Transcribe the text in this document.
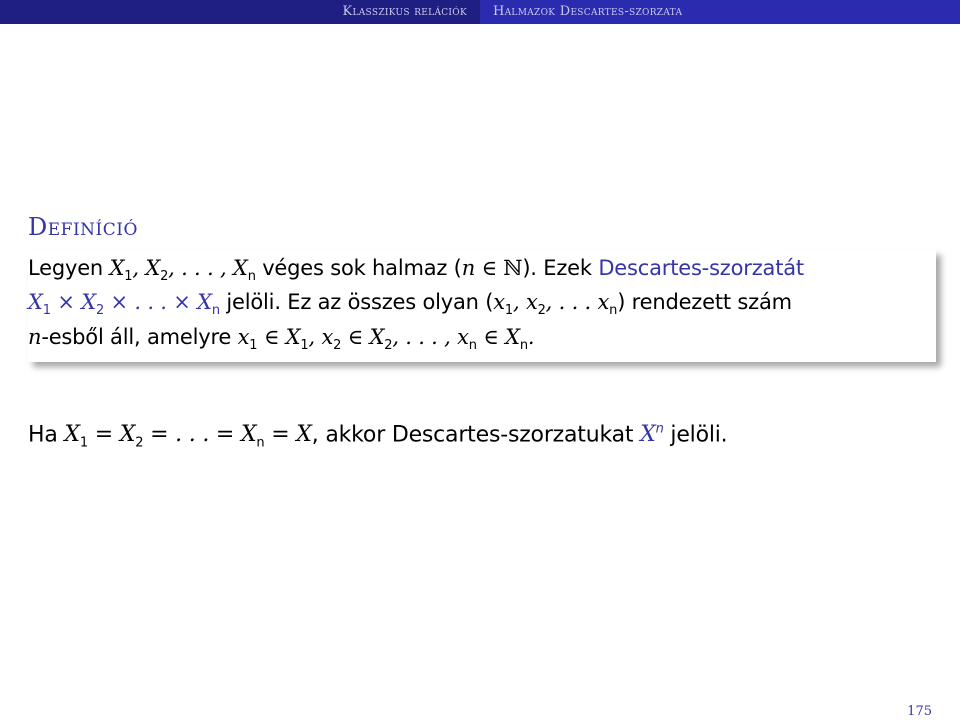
Klasszikus relációk	Halmazok Descartes-szorzata
Definíció
Legyen $X_1$, $X_2$, . . . , $X_n$ véges sok halmaz (n ∈ ℕ). Ezek Descartes-szorzatát
$X_1 \times X_2$ × . . . × $X_n$ jelöli. Ez az összes olyan ($x_1$, $x_2$, . . . $x_n$) rendezett szám
n-esből áll, amelyre $x_1$ ∈ $X_1$, $x_2$ ∈ $X_2$, . . . , $x_n$ ∈ $X_n$.
Ha $X_1 = X_2$ = . . . = $X_n = X$, akkor Descartes-szorzatukat $X^n$ jelöli.
175
